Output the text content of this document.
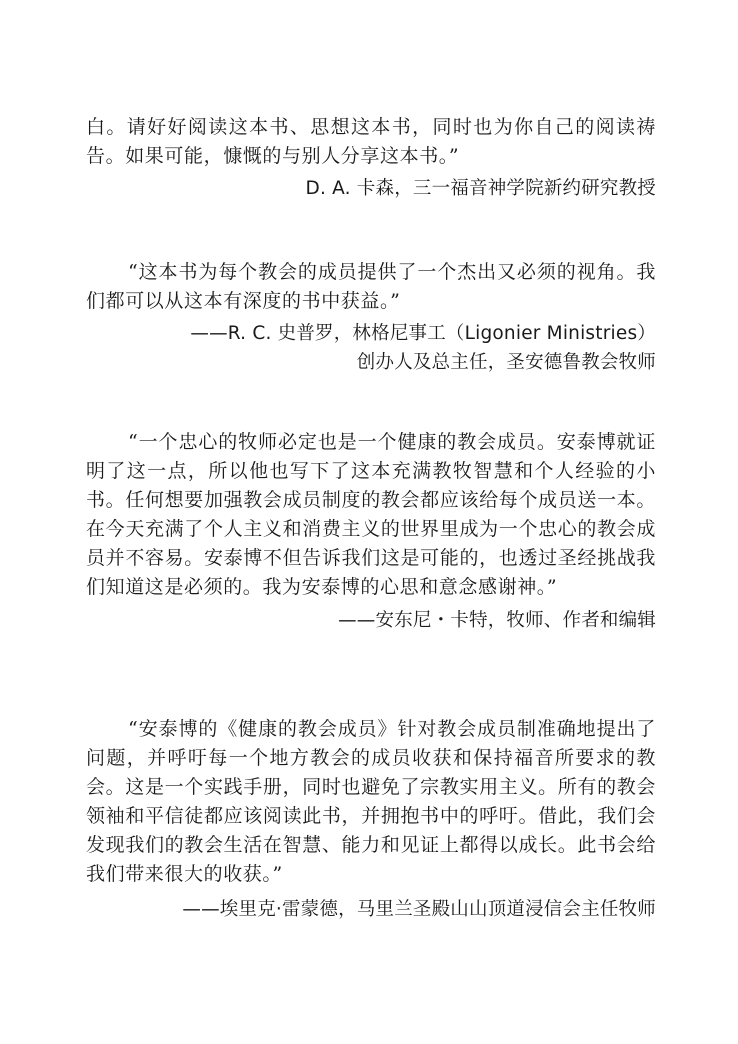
白。请好好阅读这本书、思想这本书，同时也为你自己的阅读祷告。如果可能，慷慨的与别人分享这本书。”

D. A. 卡森，三一福音神学院新约研究教授

“这本书为每个教会的成员提供了一个杰出又必须的视角。我们都可以从这本有深度的书中获益。”

——R. C. 史普罗，林格尼事工（Ligonier Ministries）

创办人及总主任，圣安德鲁教会牧师

“一个忠心的牧师必定也是一个健康的教会成员。安泰博就证明了这一点，所以他也写下了这本充满教牧智慧和个人经验的小书。任何想要加强教会成员制度的教会都应该给每个成员送一本。在今天充满了个人主义和消费主义的世界里成为一个忠心的教会成员并不容易。安泰博不但告诉我们这是可能的，也透过圣经挑战我们知道这是必须的。我为安泰博的心思和意念感谢神。”

——安东尼・卡特，牧师、作者和编辑

“安泰博的《健康的教会成员》针对教会成员制准确地提出了问题，并呼吁每一个地方教会的成员收获和保持福音所要求的教会。这是一个实践手册，同时也避免了宗教实用主义。所有的教会领袖和平信徒都应该阅读此书，并拥抱书中的呼吁。借此，我们会发现我们的教会生活在智慧、能力和见证上都得以成长。此书会给我们带来很大的收获。”

——埃里克·雷蒙德，马里兰圣殿山山顶道浸信会主任牧师
